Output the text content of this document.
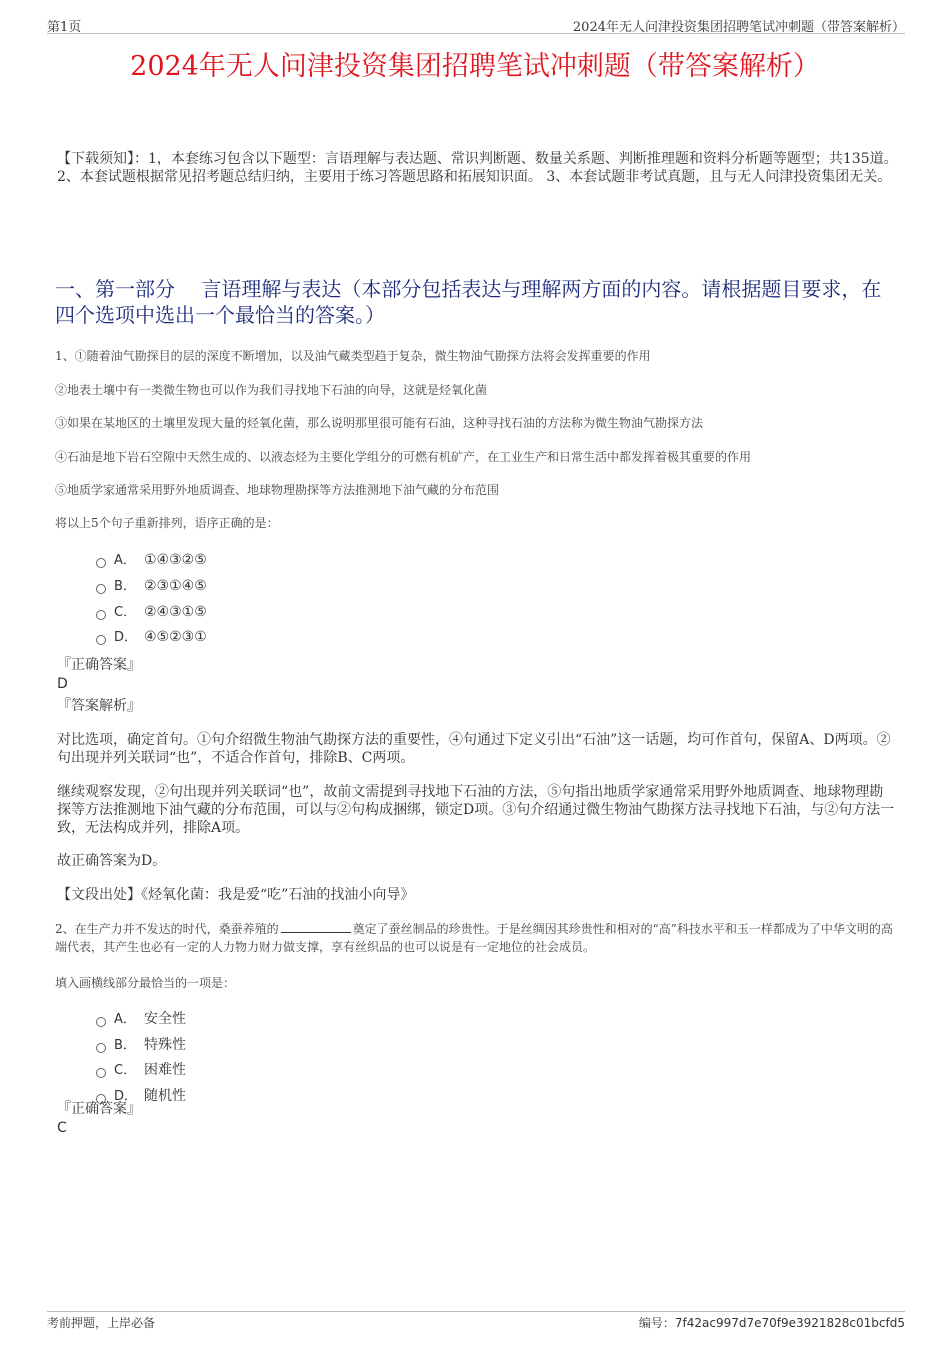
第1页	2024年无人问津投资集团招聘笔试冲刺题（带答案解析）
2024年无人问津投资集团招聘笔试冲刺题（带答案解析）
【下载须知】：1，本套练习包含以下题型：言语理解与表达题、常识判断题、数量关系题、判断推理题和资料分析题等题型；共135道。 2、本套试题根据常见招考题总结归纳，主要用于练习答题思路和拓展知识面。 3、本套试题非考试真题，且与无人问津投资集团无关。
一、第一部分　 言语理解与表达（本部分包括表达与理解两方面的内容。请根据题目要求，在四个选项中选出一个最恰当的答案。）
1、①随着油气勘探目的层的深度不断增加，以及油气藏类型趋于复杂，微生物油气勘探方法将会发挥重要的作用
②地表土壤中有一类微生物也可以作为我们寻找地下石油的向导，这就是烃氧化菌
③如果在某地区的土壤里发现大量的烃氧化菌，那么说明那里很可能有石油，这种寻找石油的方法称为微生物油气勘探方法
④石油是地下岩石空隙中天然生成的、以液态烃为主要化学组分的可燃有机矿产，在工业生产和日常生活中都发挥着极其重要的作用
⑤地质学家通常采用野外地质调查、地球物理勘探等方法推测地下油气藏的分布范围
将以上5个句子重新排列，语序正确的是：
A． ①④③②⑤
B． ②③①④⑤
C． ②④③①⑤
D． ④⑤②③①
『正确答案』
D
『答案解析』
对比选项，确定首句。①句介绍微生物油气勘探方法的重要性，④句通过下定义引出“石油”这一话题，均可作首句，保留A、D两项。②句出现并列关联词“也”，不适合作首句，排除B、C两项。
继续观察发现，②句出现并列关联词“也”，故前文需提到寻找地下石油的方法，⑤句指出地质学家通常采用野外地质调查、地球物理勘探等方法推测地下油气藏的分布范围，可以与②句构成捆绑，锁定D项。③句介绍通过微生物油气勘探方法寻找地下石油，与②句方法一致，无法构成并列，排除A项。
故正确答案为D。
【文段出处】《烃氧化菌：我是爱“吃”石油的找油小向导》
2、在生产力并不发达的时代，桑蚕养殖的	奠定了蚕丝制品的珍贵性。于是丝绸因其珍贵性和相对的“高”科技水平和玉一样都成为了中华文明的高端代表，其产生也必有一定的人力物力财力做支撑，享有丝织品的也可以说是有一定地位的社会成员。
填入画横线部分最恰当的一项是：
A． 安全性
B． 特殊性
C． 困难性
D． 随机性
『正确答案』
C
考前押题，上岸必备	编号：7f42ac997d7e70f9e3921828c01bcfd5
